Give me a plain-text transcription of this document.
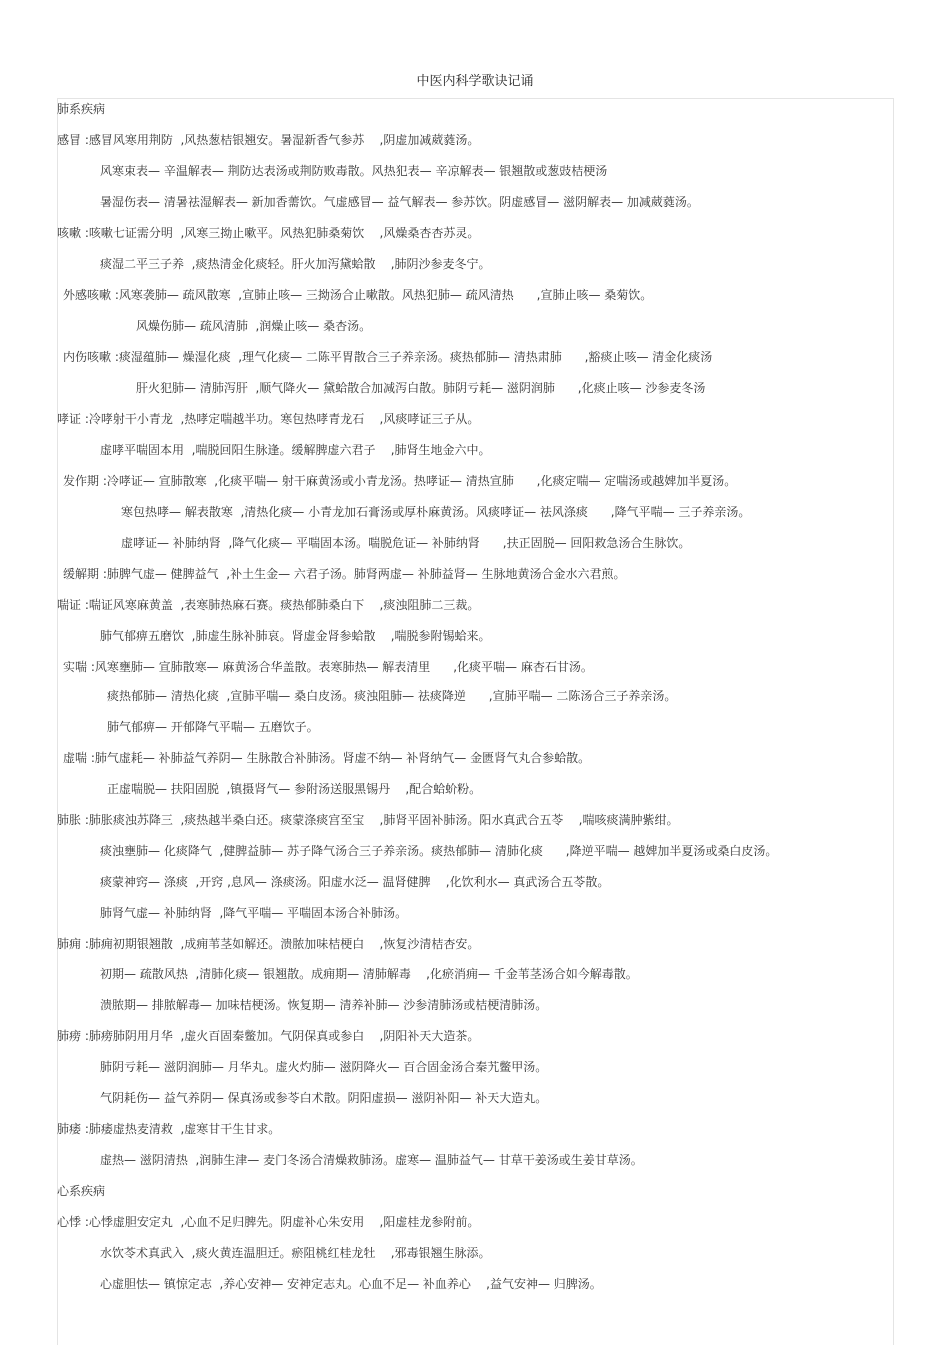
中医内科学歌诀记诵
肺系疾病
感冒 :感冒风寒用荆防  ,风热葱桔银翘安。暑湿新香气参苏    ,阴虚加减葳蕤汤。
风寒束表— 辛温解表— 荆防达表汤或荆防败毒散。风热犯表— 辛凉解表— 银翘散或葱豉桔梗汤
暑湿伤表— 清暑祛湿解表— 新加香薷饮。气虚感冒— 益气解表— 参苏饮。阴虚感冒— 滋阴解表— 加减葳蕤汤。
咳嗽 :咳嗽七证需分明  ,风寒三拗止嗽平。风热犯肺桑菊饮    ,风燥桑杏杏苏灵。
痰湿二平三子养  ,痰热清金化痰轻。肝火加泻黛蛤散    ,肺阴沙参麦冬宁。
外感咳嗽 :风寒袭肺— 疏风散寒  ,宣肺止咳— 三拗汤合止嗽散。风热犯肺— 疏风清热      ,宣肺止咳— 桑菊饮。
风燥伤肺— 疏风清肺  ,润燥止咳— 桑杏汤。
内伤咳嗽 :痰湿蕴肺— 燥湿化痰  ,理气化痰— 二陈平胃散合三子养亲汤。痰热郁肺— 清热肃肺      ,豁痰止咳— 清金化痰汤
肝火犯肺— 清肺泻肝  ,顺气降火— 黛蛤散合加减泻白散。肺阴亏耗— 滋阴润肺      ,化痰止咳— 沙参麦冬汤
哮证 :冷哮射干小青龙  ,热哮定喘越半功。寒包热哮青龙石    ,风痰哮证三子从。
虚哮平喘固本用  ,喘脱回阳生脉逢。缓解脾虚六君子    ,肺肾生地金六中。
发作期 :冷哮证— 宣肺散寒  ,化痰平喘— 射干麻黄汤或小青龙汤。热哮证— 清热宣肺      ,化痰定喘— 定喘汤或越婢加半夏汤。
寒包热哮— 解表散寒  ,清热化痰— 小青龙加石膏汤或厚朴麻黄汤。风痰哮证— 祛风涤痰      ,降气平喘— 三子养亲汤。
虚哮证— 补肺纳肾  ,降气化痰— 平喘固本汤。喘脱危证— 补肺纳肾      ,扶正固脱— 回阳救急汤合生脉饮。
缓解期 :肺脾气虚— 健脾益气  ,补土生金— 六君子汤。肺肾两虚— 补肺益肾— 生脉地黄汤合金水六君煎。
喘证 :喘证风寒麻黄盖  ,表寒肺热麻石赛。痰热郁肺桑白下    ,痰浊阻肺二三裁。
肺气郁痹五磨饮  ,肺虚生脉补肺哀。肾虚金肾参蛤散    ,喘脱参附锡蛤来。
实喘 :风寒壅肺— 宣肺散寒— 麻黄汤合华盖散。表寒肺热— 解表清里      ,化痰平喘— 麻杏石甘汤。
痰热郁肺— 清热化痰  ,宣肺平喘— 桑白皮汤。痰浊阻肺— 祛痰降逆      ,宣肺平喘— 二陈汤合三子养亲汤。
肺气郁痹— 开郁降气平喘— 五磨饮子。
虚喘 :肺气虚耗— 补肺益气养阴— 生脉散合补肺汤。肾虚不纳— 补肾纳气— 金匮肾气丸合参蛤散。
正虚喘脱— 扶阳固脱  ,镇摄肾气— 参附汤送服黑锡丹    ,配合蛤蚧粉。
肺胀 :肺胀痰浊苏降三  ,痰热越半桑白还。痰蒙涤痰宫至宝    ,肺肾平固补肺汤。阳水真武合五苓    ,喘咳痰满肿紫绀。
痰浊壅肺— 化痰降气  ,健脾益肺— 苏子降气汤合三子养亲汤。痰热郁肺— 清肺化痰      ,降逆平喘— 越婢加半夏汤或桑白皮汤。
痰蒙神窍— 涤痰  ,开窍 ,息风— 涤痰汤。阳虚水泛— 温肾健脾    ,化饮利水— 真武汤合五苓散。
肺肾气虚— 补肺纳肾  ,降气平喘— 平喘固本汤合补肺汤。
肺痈 :肺痈初期银翘散  ,成痈苇茎如解还。溃脓加味桔梗白    ,恢复沙清桔杏安。
初期— 疏散风热  ,清肺化痰— 银翘散。成痈期— 清肺解毒    ,化瘀消痈— 千金苇茎汤合如今解毒散。
溃脓期— 排脓解毒— 加味桔梗汤。恢复期— 清养补肺— 沙参清肺汤或桔梗清肺汤。
肺痨 :肺痨肺阴用月华  ,虚火百固秦鳖加。气阴保真或参白    ,阴阳补天大造茶。
肺阴亏耗— 滋阴润肺— 月华丸。虚火灼肺— 滋阴降火— 百合固金汤合秦艽鳖甲汤。
气阴耗伤— 益气养阴— 保真汤或参苓白术散。阴阳虚损— 滋阴补阳— 补天大造丸。
肺痿 :肺痿虚热麦清救  ,虚寒甘干生甘求。
虚热— 滋阴清热  ,润肺生津— 麦门冬汤合清燥救肺汤。虚寒— 温肺益气— 甘草干姜汤或生姜甘草汤。
心系疾病
心悸 :心悸虚胆安定丸  ,心血不足归脾先。阴虚补心朱安用    ,阳虚桂龙参附前。
水饮苓术真武入  ,痰火黄连温胆迁。瘀阻桃红桂龙牡    ,邪毒银翘生脉添。
心虚胆怯— 镇惊定志  ,养心安神— 安神定志丸。心血不足— 补血养心    ,益气安神— 归脾汤。
